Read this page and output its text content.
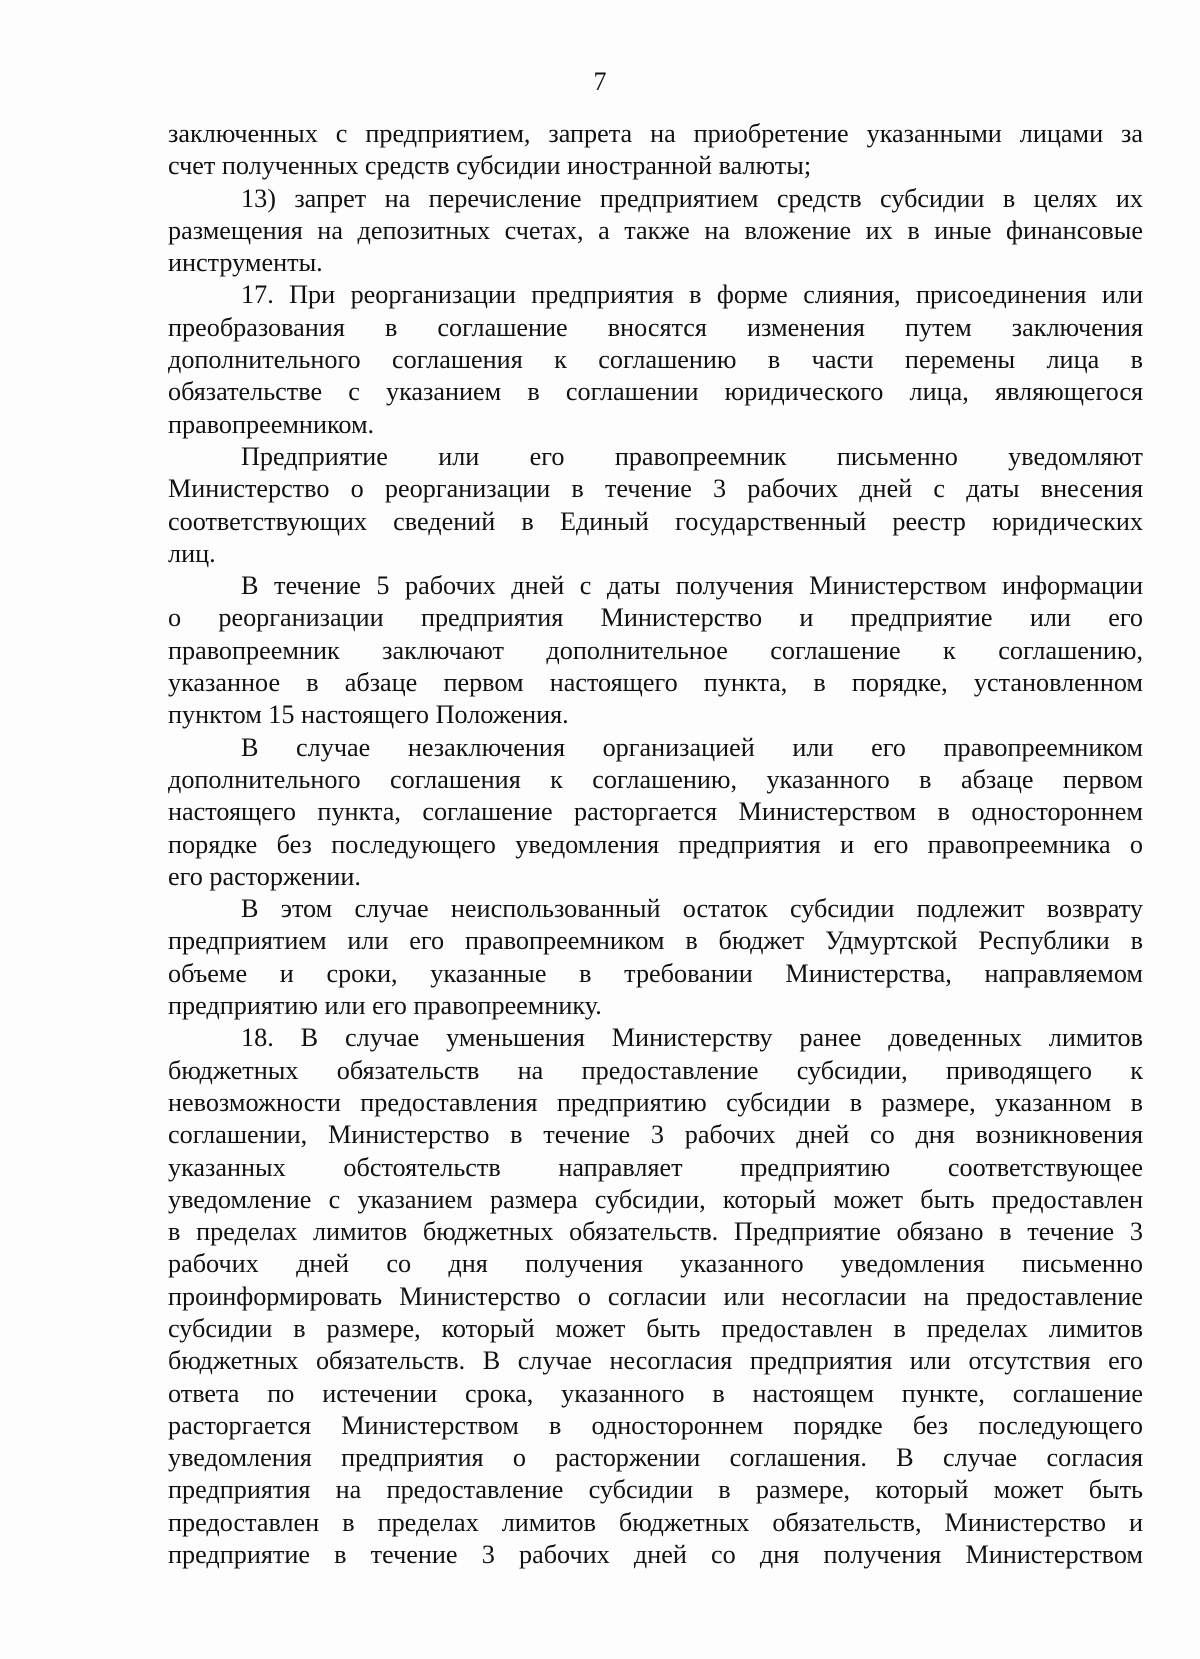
7
заключенных с предприятием, запрета на приобретение указанными лицами за
счет полученных средств субсидии иностранной валюты;
13) запрет на перечисление предприятием средств субсидии в целях их
размещения на депозитных счетах, а также на вложение их в иные финансовые
инструменты.
17. При реорганизации предприятия в форме слияния, присоединения или
преобразования в соглашение вносятся изменения путем заключения
дополнительного соглашения к соглашению в части перемены лица в
обязательстве с указанием в соглашении юридического лица, являющегося
правопреемником.
Предприятие или его правопреемник письменно уведомляют
Министерство о реорганизации в течение 3 рабочих дней с даты внесения
соответствующих сведений в Единый государственный реестр юридических
лиц.
В течение 5 рабочих дней с даты получения Министерством информации
о реорганизации предприятия Министерство и предприятие или его
правопреемник заключают дополнительное соглашение к соглашению,
указанное в абзаце первом настоящего пункта, в порядке, установленном
пунктом 15 настоящего Положения.
В случае незаключения организацией или его правопреемником
дополнительного соглашения к соглашению, указанного в абзаце первом
настоящего пункта, соглашение расторгается Министерством в одностороннем
порядке без последующего уведомления предприятия и его правопреемника о
его расторжении.
В этом случае неиспользованный остаток субсидии подлежит возврату
предприятием или его правопреемником в бюджет Удмуртской Республики в
объеме и сроки, указанные в требовании Министерства, направляемом
предприятию или его правопреемнику.
18. В случае уменьшения Министерству ранее доведенных лимитов
бюджетных обязательств на предоставление субсидии, приводящего к
невозможности предоставления предприятию субсидии в размере, указанном в
соглашении, Министерство в течение 3 рабочих дней со дня возникновения
указанных обстоятельств направляет предприятию соответствующее
уведомление с указанием размера субсидии, который может быть предоставлен
в пределах лимитов бюджетных обязательств. Предприятие обязано в течение 3
рабочих дней со дня получения указанного уведомления письменно
проинформировать Министерство о согласии или несогласии на предоставление
субсидии в размере, который может быть предоставлен в пределах лимитов
бюджетных обязательств. В случае несогласия предприятия или отсутствия его
ответа по истечении срока, указанного в настоящем пункте, соглашение
расторгается Министерством в одностороннем порядке без последующего
уведомления предприятия о расторжении соглашения. В случае согласия
предприятия на предоставление субсидии в размере, который может быть
предоставлен в пределах лимитов бюджетных обязательств, Министерство и
предприятие в течение 3 рабочих дней со дня получения Министерством
